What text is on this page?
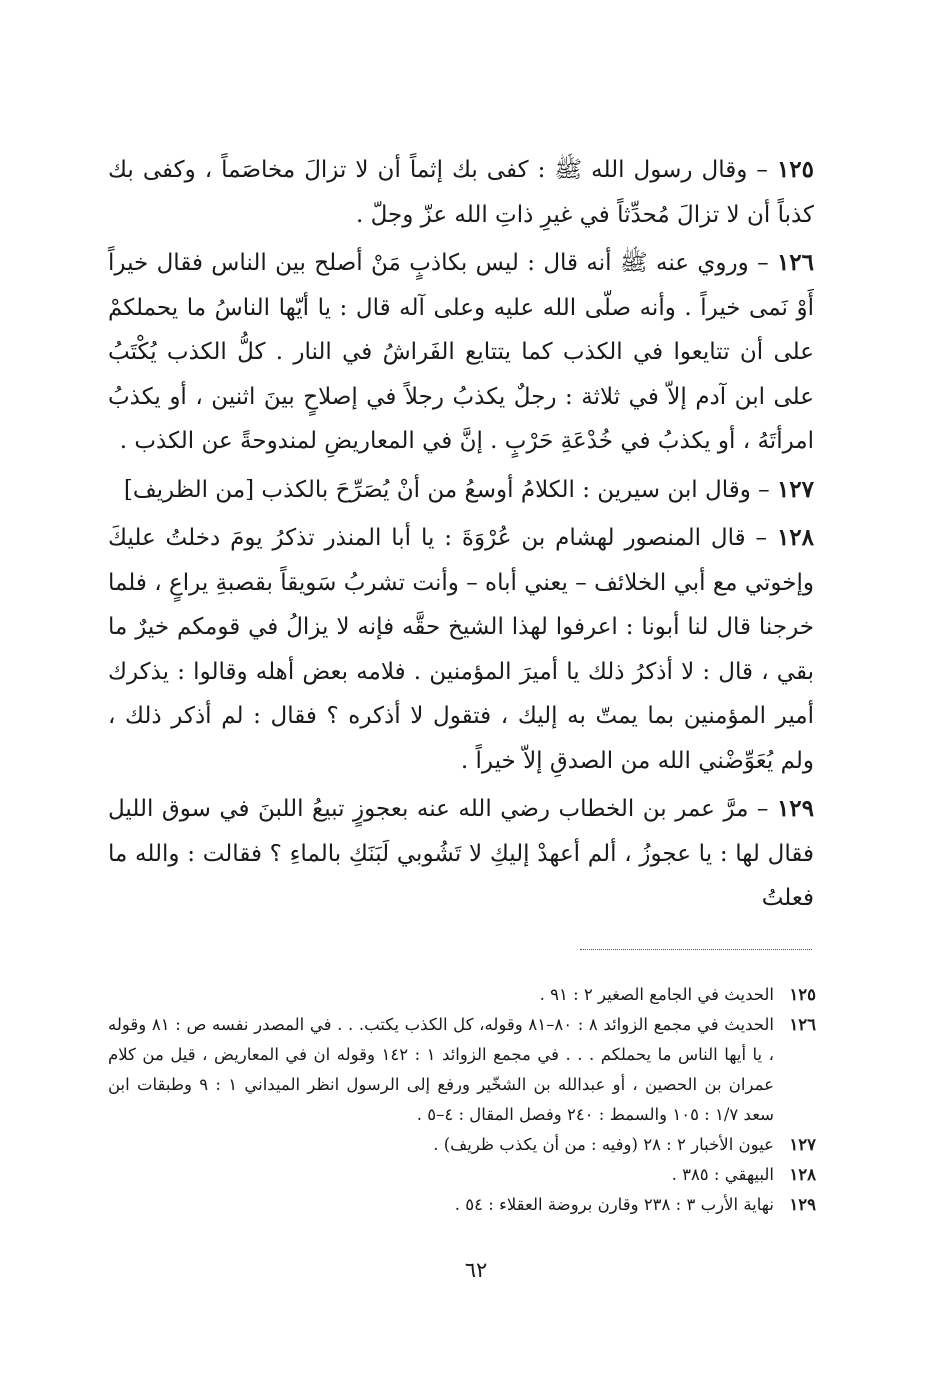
١٢٥ – وقال رسول الله ﷺ : كفى بك إثماً أن لا تزالَ مخاصَماً ، وكفى بك كذباً أن لا تزالَ مُحدِّثاً في غيرِ ذاتِ الله عزّ وجلّ .

١٢٦ – وروي عنه ﷺ أنه قال : ليس بكاذبٍ مَنْ أصلح بين الناس فقال خيراً أَوْ نَمى خيراً . وأنه صلّى الله عليه وعلى آله قال : يا أيّها الناسُ ما يحملكمْ على أن تتايعوا في الكذب كما يتتايع الفَراشُ في النار . كلُّ الكذب يُكْتَبُ على ابن آدم إلاّ في ثلاثة : رجلٌ يكذبُ رجلاً في إصلاحٍ بينَ اثنين ، أو يكذبُ امرأتَهُ ، أو يكذبُ في خُدْعَةِ حَرْبٍ . إنَّ في المعاريضِ لمندوحةً عن الكذب .

١٢٧ – وقال ابن سيرين : الكلامُ أوسعُ من أنْ يُصَرِّحَ بالكذب [من الظريف]

١٢٨ – قال المنصور لهشام بن عُرْوَةَ : يا أبا المنذر تذكرُ يومَ دخلتُ عليكَ وإخوتي مع أبي الخلائف – يعني أباه – وأنت تشربُ سَويقاً بقصبةِ يراعٍ ، فلما خرجنا قال لنا أبونا : اعرفوا لهذا الشيخ حقَّه فإنه لا يزالُ في قومكم خيرٌ ما بقي ، قال : لا أذكرُ ذلك يا أميرَ المؤمنين . فلامه بعض أهله وقالوا : يذكرك أمير المؤمنين بما يمتّ به إليك ، فتقول لا أذكره ؟ فقال : لم أذكر ذلك ، ولم يُعَوِّضْني الله من الصدقِ إلاّ خيراً .

١٢٩ – مرَّ عمر بن الخطاب رضي الله عنه بعجوزٍ تبيعُ اللبنَ في سوق الليل فقال لها : يا عجوزُ ، ألم أعهدْ إليكِ لا تَشُوبي لَبَنَكِ بالماءِ ؟ فقالت : والله ما فعلتُ

١٢٥
الحديث في الجامع الصغير ٢ : ٩١ .
١٢٦
الحديث في مجمع الزوائد ٨ : ٨٠–٨١ وقوله، كل الكذب يكتب. . . في المصدر نفسه ص : ٨١ وقوله ، يا أيها الناس ما يحملكم . . . في مجمع الزوائد ١ : ١٤٢ وقوله ان في المعاريض ، قيل من كلام عمران بن الحصين ، أو عبدالله بن الشخّير ورفع إلى الرسول انظر الميداني ١ : ٩ وطبقات ابن سعد ١/٧ : ١٠٥ والسمط : ٢٤٠ وفصل المقال : ٤–٥ .
١٢٧
عيون الأخبار ٢ : ٢٨ (وفيه : من أن يكذب ظريف) .
١٢٨
البيهقي : ٣٨٥ .
١٢٩
نهاية الأرب ٣ : ٢٣٨ وقارن بروضة العقلاء : ٥٤ .
٦٢
